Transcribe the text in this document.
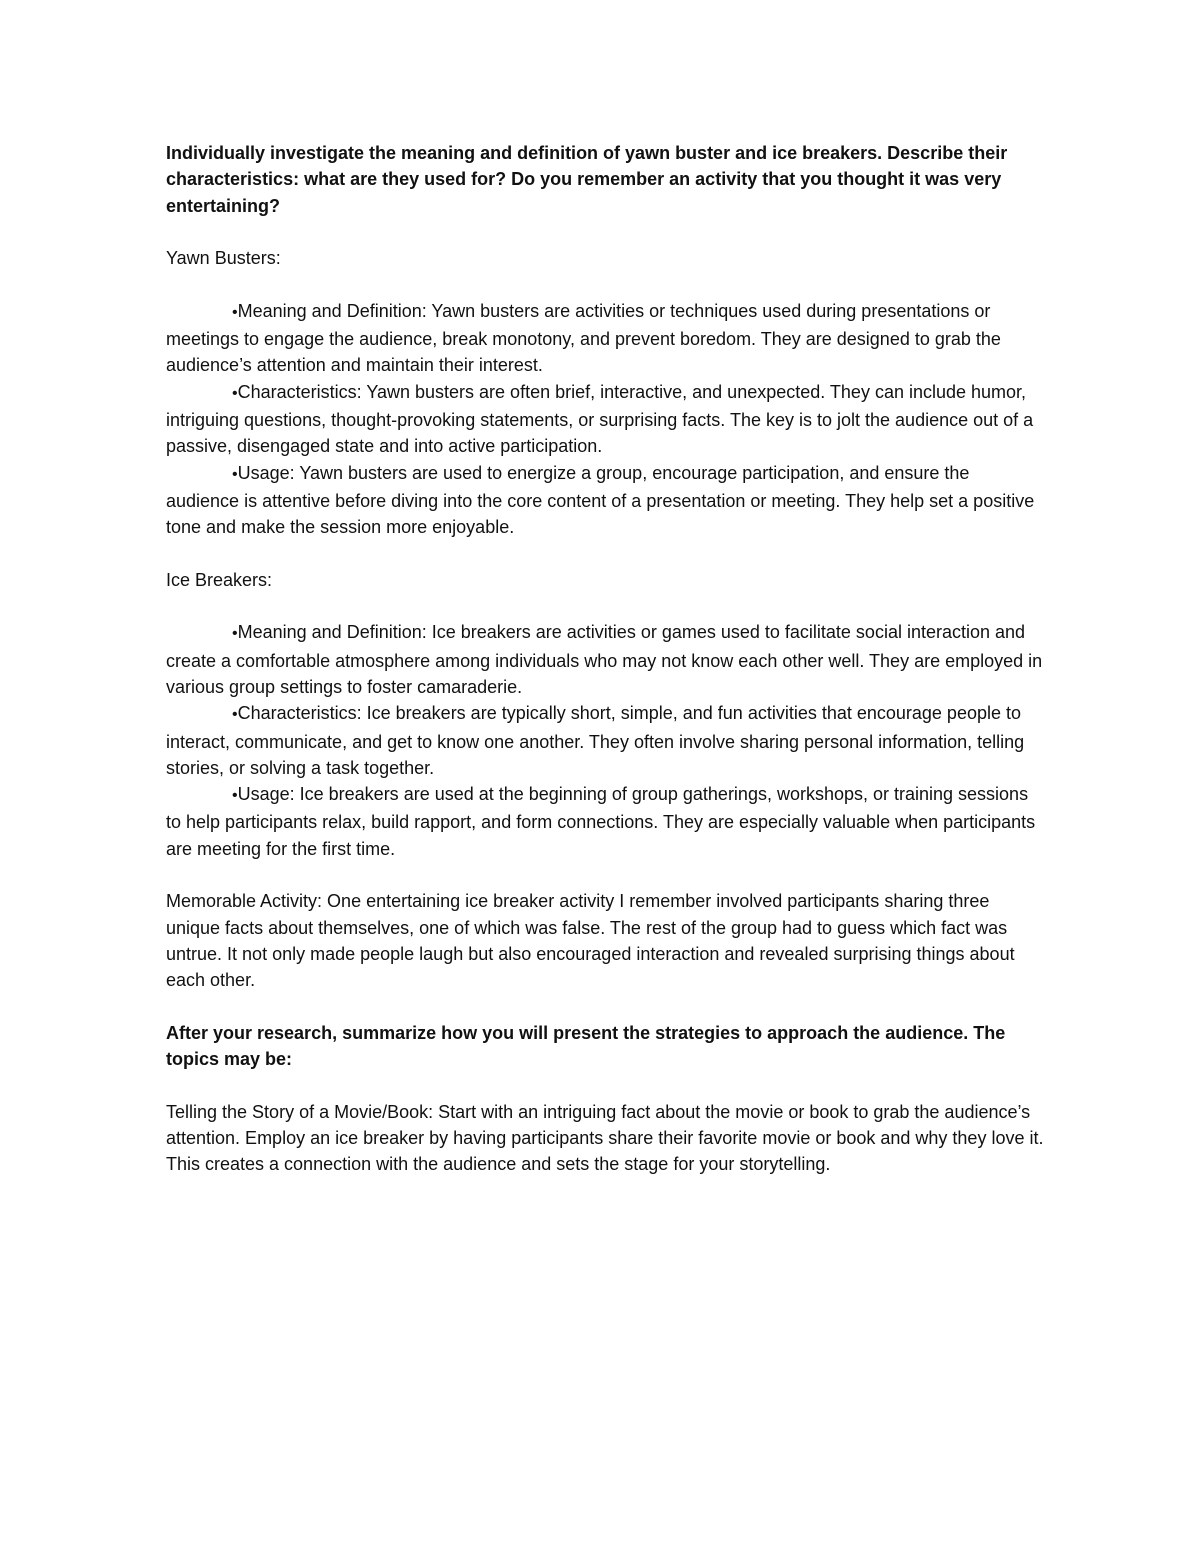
Individually investigate the meaning and definition of yawn buster and ice breakers. Describe their characteristics: what are they used for? Do you remember an activity that you thought it was very entertaining?

Yawn Busters:

•Meaning and Definition: Yawn busters are activities or techniques used during presentations or meetings to engage the audience, break monotony, and prevent boredom. They are designed to grab the audience’s attention and maintain their interest.

•Characteristics: Yawn busters are often brief, interactive, and unexpected. They can include humor, intriguing questions, thought-provoking statements, or surprising facts. The key is to jolt the audience out of a passive, disengaged state and into active participation.

•Usage: Yawn busters are used to energize a group, encourage participation, and ensure the audience is attentive before diving into the core content of a presentation or meeting. They help set a positive tone and make the session more enjoyable.

Ice Breakers:

•Meaning and Definition: Ice breakers are activities or games used to facilitate social interaction and create a comfortable atmosphere among individuals who may not know each other well. They are employed in various group settings to foster camaraderie.

•Characteristics: Ice breakers are typically short, simple, and fun activities that encourage people to interact, communicate, and get to know one another. They often involve sharing personal information, telling stories, or solving a task together.

•Usage: Ice breakers are used at the beginning of group gatherings, workshops, or training sessions to help participants relax, build rapport, and form connections. They are especially valuable when participants are meeting for the first time.

Memorable Activity: One entertaining ice breaker activity I remember involved participants sharing three unique facts about themselves, one of which was false. The rest of the group had to guess which fact was untrue. It not only made people laugh but also encouraged interaction and revealed surprising things about each other.

After your research, summarize how you will present the strategies to approach the audience. The topics may be:

Telling the Story of a Movie/Book: Start with an intriguing fact about the movie or book to grab the audience’s attention. Employ an ice breaker by having participants share their favorite movie or book and why they love it. This creates a connection with the audience and sets the stage for your storytelling.
